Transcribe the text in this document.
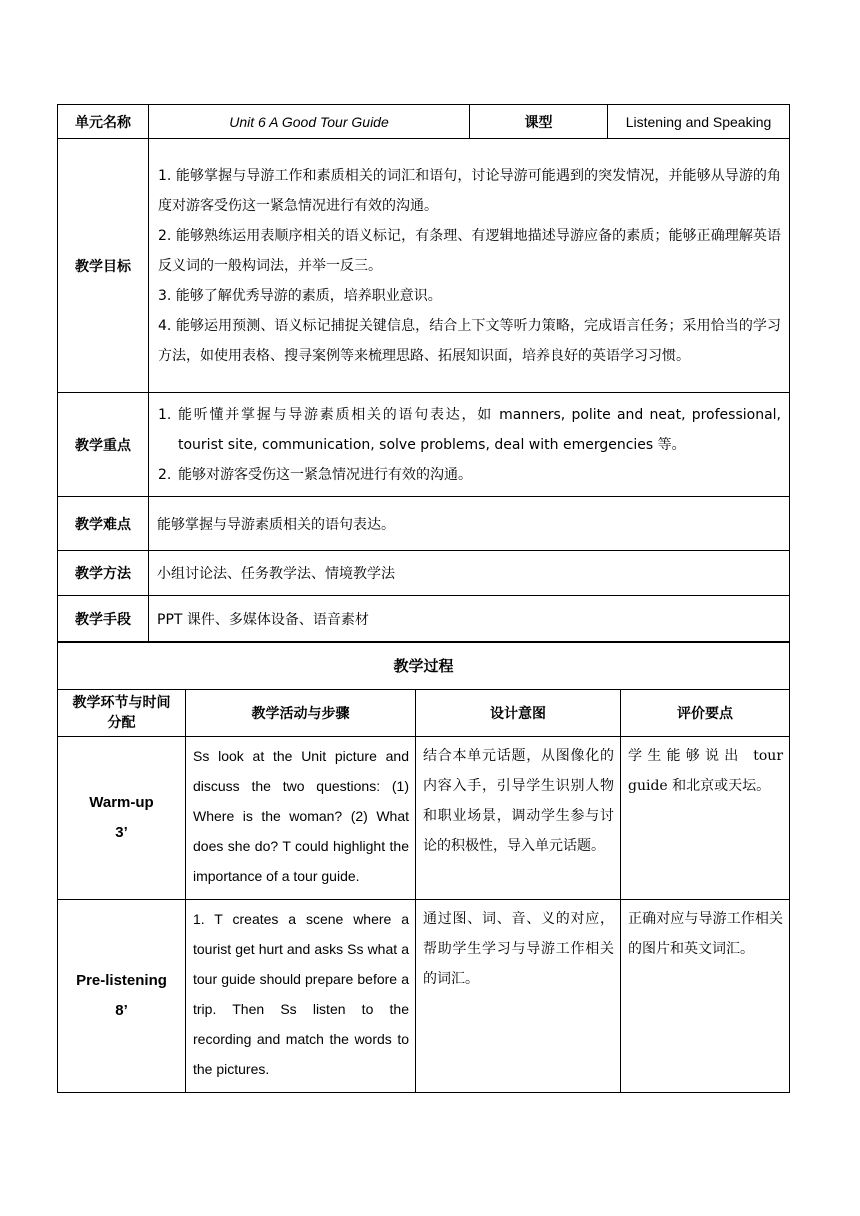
单元名称	Unit 6 A Good Tour Guide	课型	Listening and Speaking
教学目标	1. 能够掌握与导游工作和素质相关的词汇和语句，讨论导游可能遇到的突发情况，并能够从导游的角度对游客受伤这一紧急情况进行有效的沟通。

2. 能够熟练运用表顺序相关的语义标记，有条理、有逻辑地描述导游应备的素质；能够正确理解英语反义词的一般构词法，并举一反三。

3. 能够了解优秀导游的素质，培养职业意识。

4. 能够运用预测、语义标记捕捉关键信息，结合上下文等听力策略，完成语言任务；采用恰当的学习方法，如使用表格、搜寻案例等来梳理思路、拓展知识面，培养良好的英语学习习惯。		

教学重点	1. 能听懂并掌握与导游素质相关的语句表达，如 manners, polite and neat, professional, tourist site, communication, solve problems, deal with emergencies 等。
2. 能够对游客受伤这一紧急情况进行有效的沟通。		

教学难点	能够掌握与导游素质相关的语句表达。		
教学方法	小组讨论法、任务教学法、情境教学法		
教学手段	PPT 课件、多媒体设备、语音素材		
教学过程			
教学环节与时间分配	教学活动与步骤	设计意图	评价要点

Warm-up
3’	Ss look at the Unit picture and discuss the two questions: (1) Where is the woman? (2) What does she do? T could highlight the importance of a tour guide.	结合本单元话题，从图像化的内容入手，引导学生识别人物和职业场景，调动学生参与讨论的积极性，导入单元话题。	学生能够说出 tour guide 和北京或天坛。

Pre-listening
8’	1. T creates a scene where a tourist get hurt and asks Ss what a tour guide should prepare before a trip. Then Ss listen to the recording and match the words to the pictures.	通过图、词、音、义的对应，帮助学生学习与导游工作相关的词汇。	正确对应与导游工作相关的图片和英文词汇。
